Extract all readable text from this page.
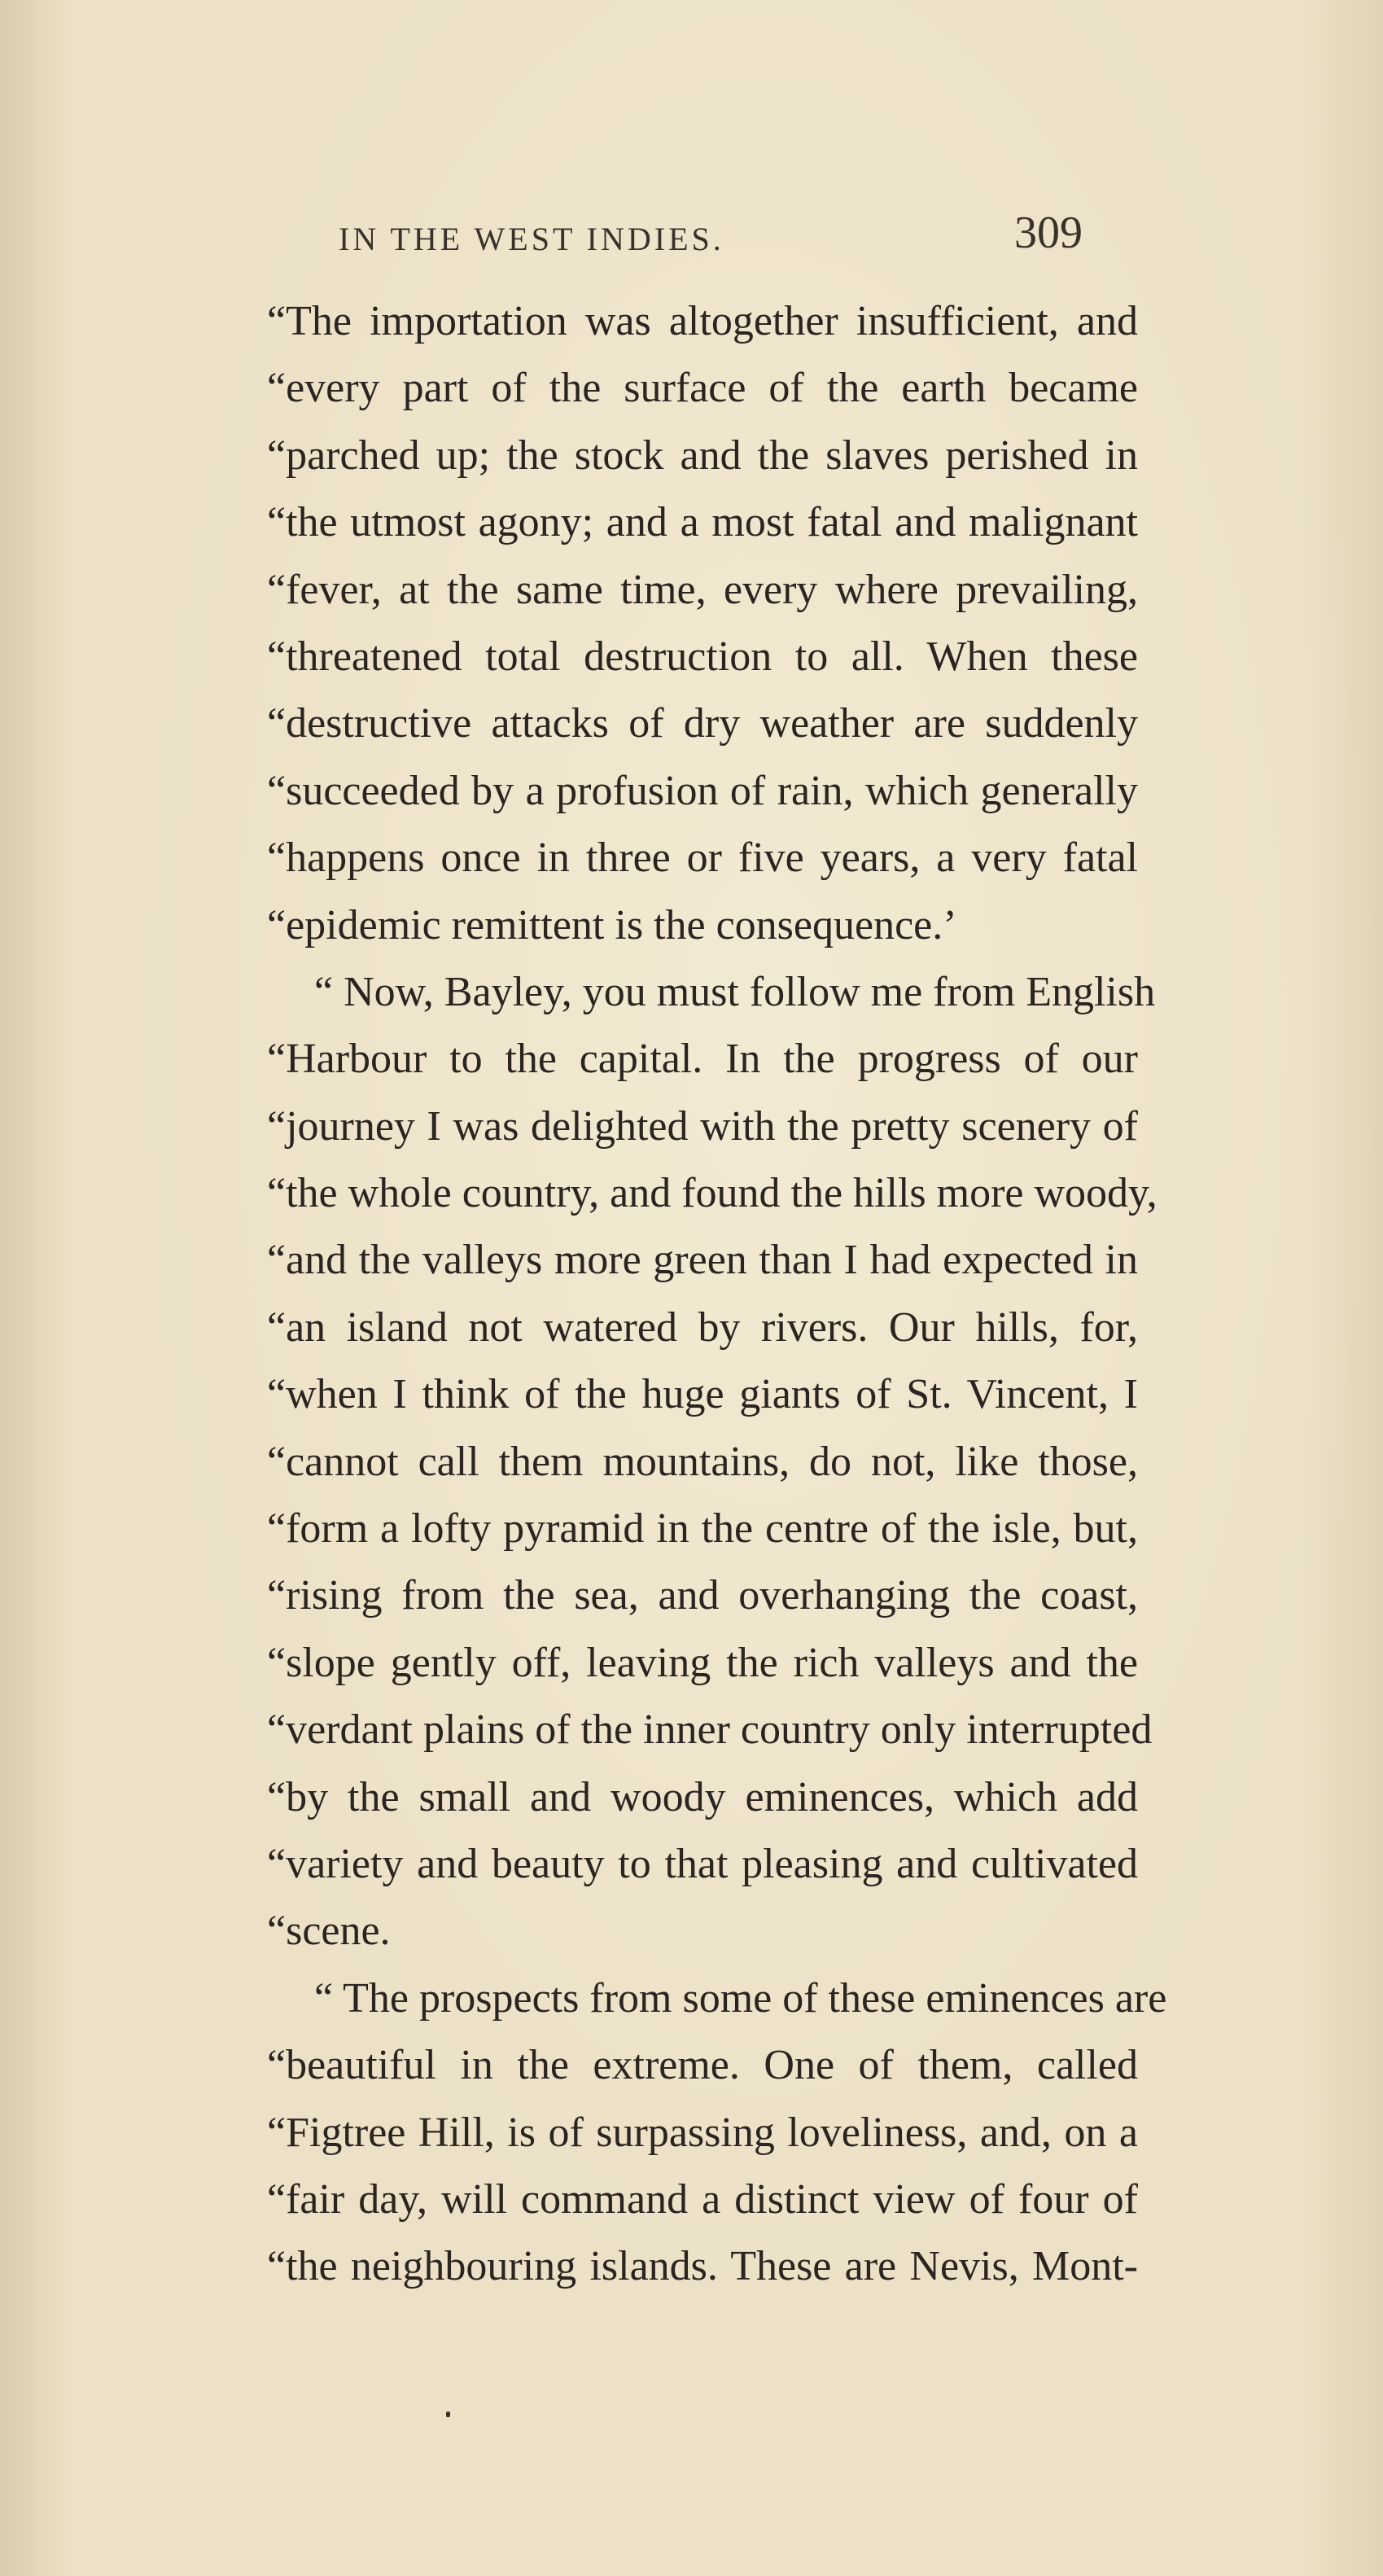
IN THE WEST INDIES.	309
“The importation was altogether insufficient, and
“every part of the surface of the earth became
“parched up; the stock and the slaves perished in
“the utmost agony; and a most fatal and malignant
“fever, at the same time, every where prevailing,
“threatened total destruction to all. When these
“destructive attacks of dry weather are suddenly
“succeeded by a profusion of rain, which generally
“happens once in three or five years, a very fatal
“epidemic remittent is the consequence.’
“ Now, Bayley, you must follow me from English
“Harbour to the capital. In the progress of our
“journey I was delighted with the pretty scenery of
“the whole country, and found the hills more woody,
“and the valleys more green than I had expected in
“an island not watered by rivers. Our hills, for,
“when I think of the huge giants of St. Vincent, I
“cannot call them mountains, do not, like those,
“form a lofty pyramid in the centre of the isle, but,
“rising from the sea, and overhanging the coast,
“slope gently off, leaving the rich valleys and the
“verdant plains of the inner country only interrupted
“by the small and woody eminences, which add
“variety and beauty to that pleasing and cultivated
“scene.
“ The prospects from some of these eminences are
“beautiful in the extreme. One of them, called
“Figtree Hill, is of surpassing loveliness, and, on a
“fair day, will command a distinct view of four of
“the neighbouring islands. These are Nevis, Mont-
